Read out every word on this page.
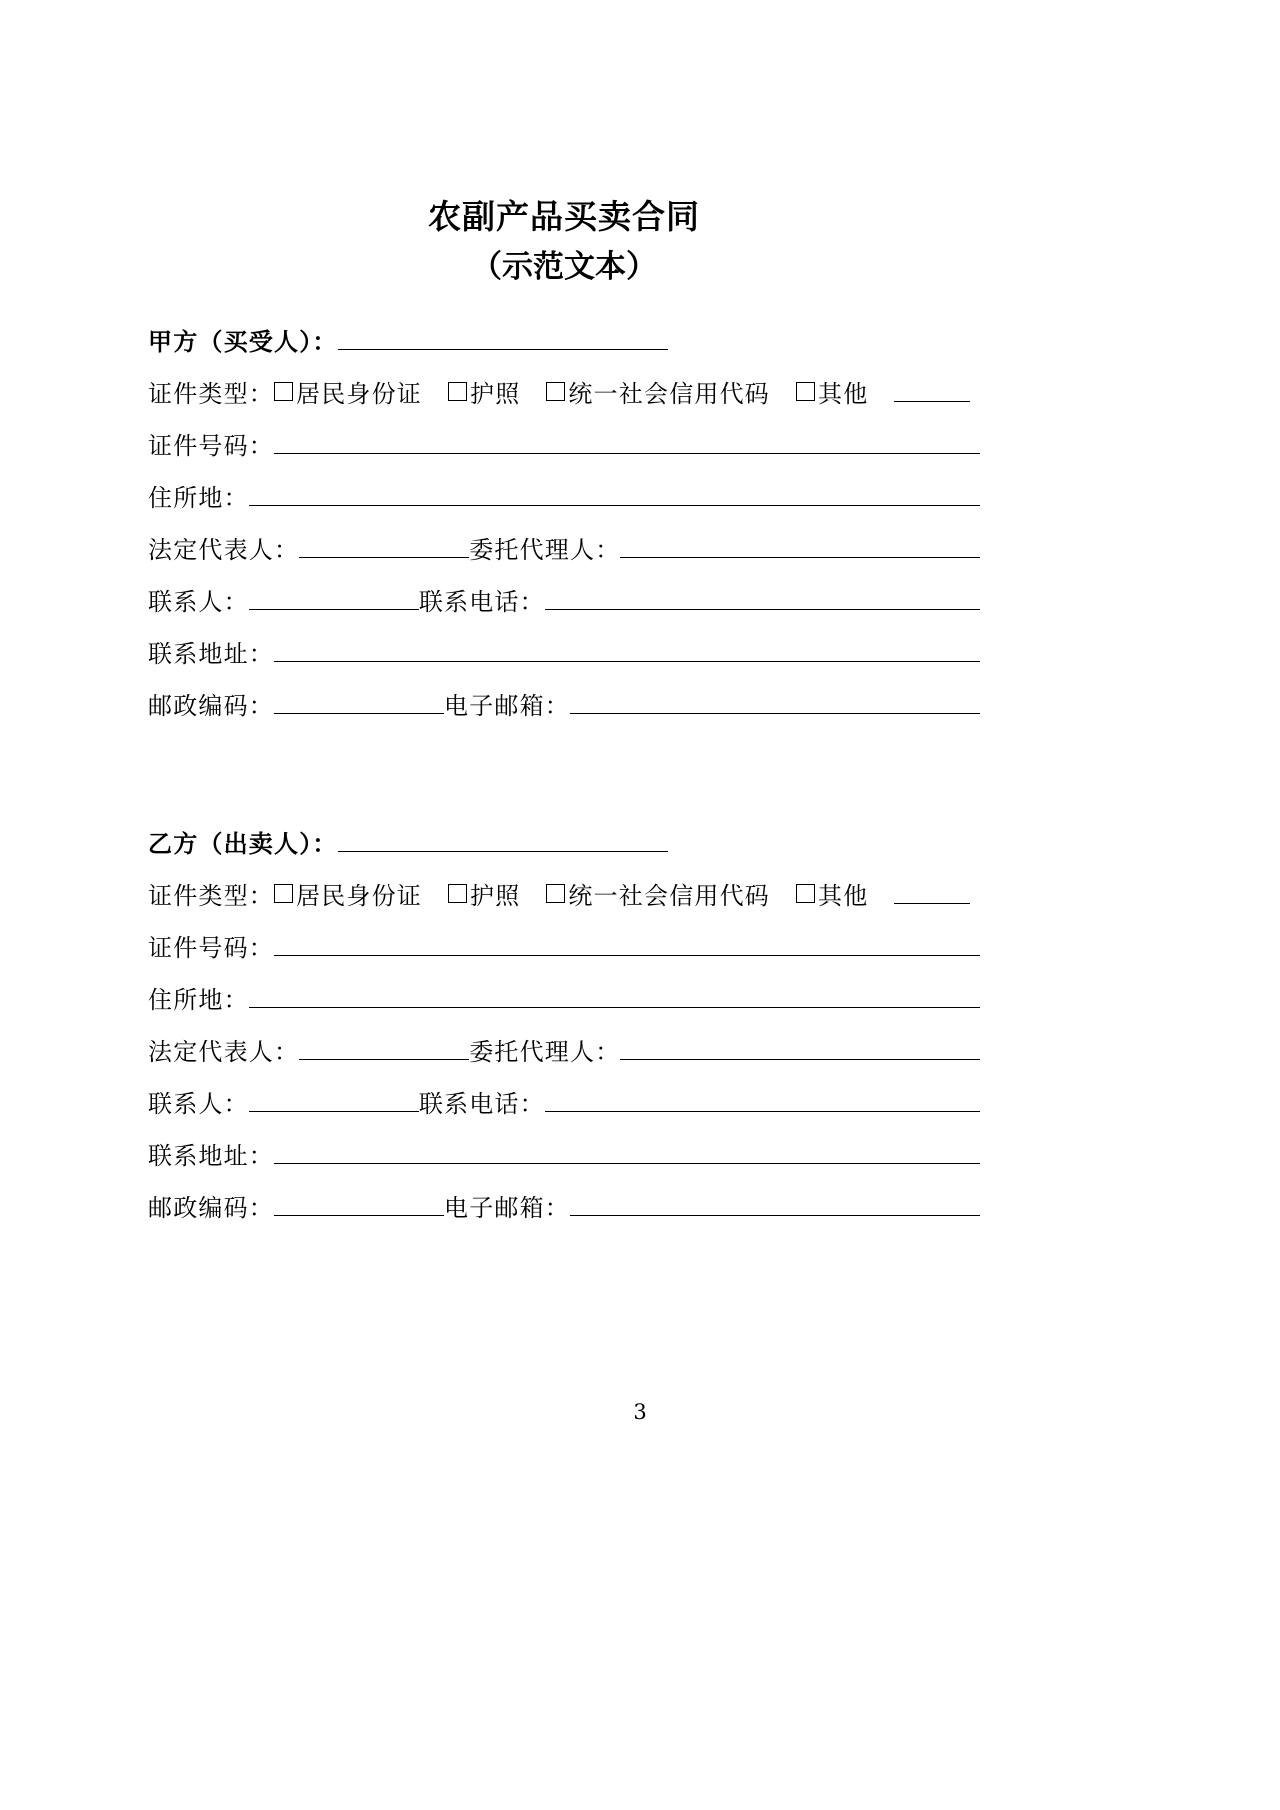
农副产品买卖合同
（示范文本）
甲方（买受人）：
证件类型： 居民身份证 护照 统一社会信用代码 其他
证件号码：
住所地：
法定代表人：	委托代理人：
联系人：	联系电话：
联系地址：
邮政编码：	电子邮箱：
乙方（出卖人）：
证件类型： 居民身份证 护照 统一社会信用代码 其他
证件号码：
住所地：
法定代表人：	委托代理人：
联系人：	联系电话：
联系地址：
邮政编码：	电子邮箱：
3
